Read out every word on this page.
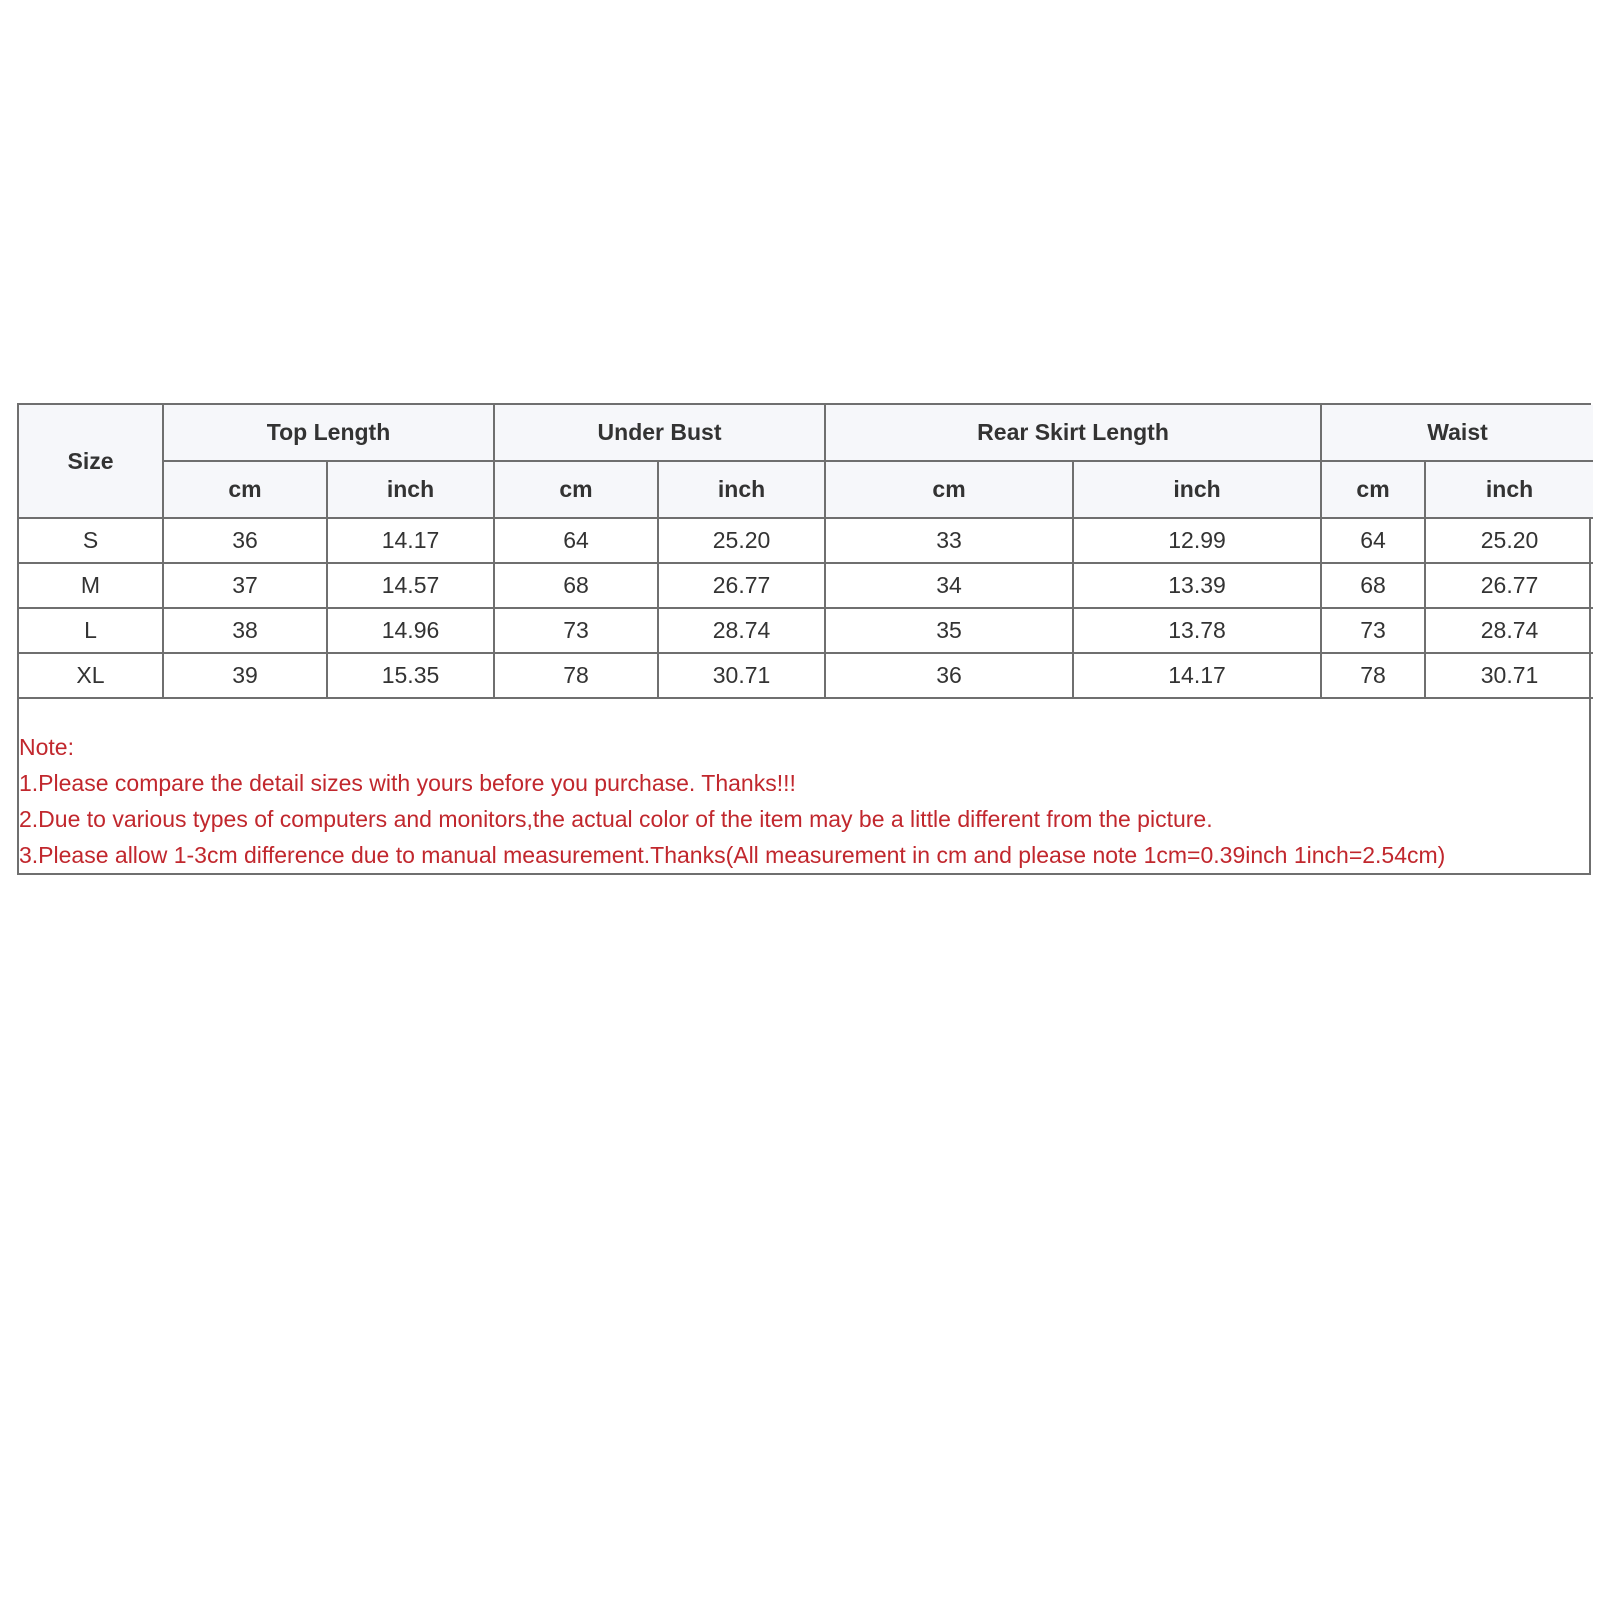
Size	Top Length		Under Bust		Rear Skirt Length		Waist	
	cm	inch	cm	inch	cm	inch	cm	inch
S	36	14.17	64	25.20	33	12.99	64	25.20
M	37	14.57	68	26.77	34	13.39	68	26.77
L	38	14.96	73	28.74	35	13.78	73	28.74
XL	39	15.35	78	30.71	36	14.17	78	30.71

Note:

1.Please compare the detail sizes with yours before you purchase. Thanks!!!

2.Due to various types of computers and monitors,the actual color of the item may be a little different from the picture.

3.Please allow 1-3cm difference due to manual measurement.Thanks(All measurement in cm and please note 1cm=0.39inch 1inch=2.54cm)
